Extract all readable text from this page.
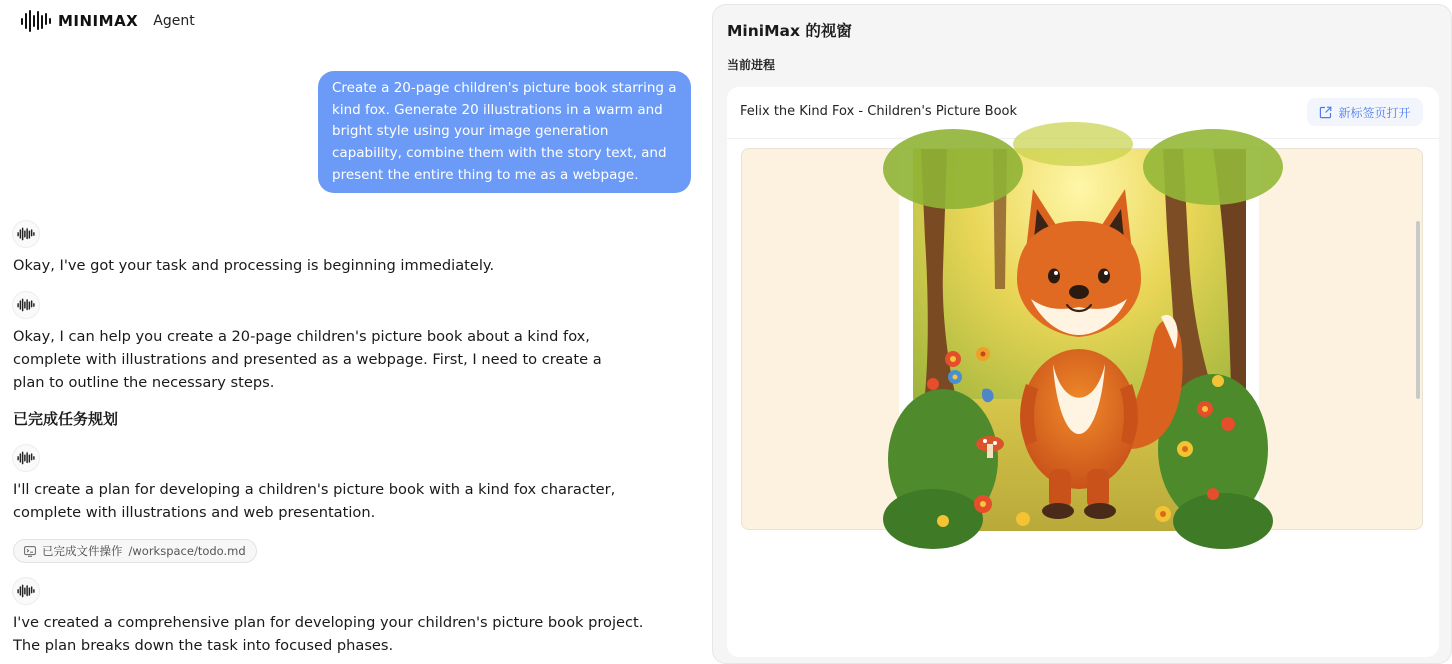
MINIMAX Agent
Create a 20-page children's picture book starring a kind fox. Generate 20 illustrations in a warm and bright style using your image generation capability, combine them with the story text, and present the entire thing to me as a webpage.
Okay, I've got your task and processing is beginning immediately.
Okay, I can help you create a 20-page children's picture book about a kind fox, complete with illustrations and presented as a webpage. First, I need to create a plan to outline the necessary steps.
已完成任务规划
I'll create a plan for developing a children's picture book with a kind fox character, complete with illustrations and web presentation.
已完成文件操作 /workspace/todo.md
I've created a comprehensive plan for developing your children's picture book project. The plan breaks down the task into focused phases.
MiniMax 的视窗
当前进程
Felix the Kind Fox - Children's Picture Book	新标签页打开
